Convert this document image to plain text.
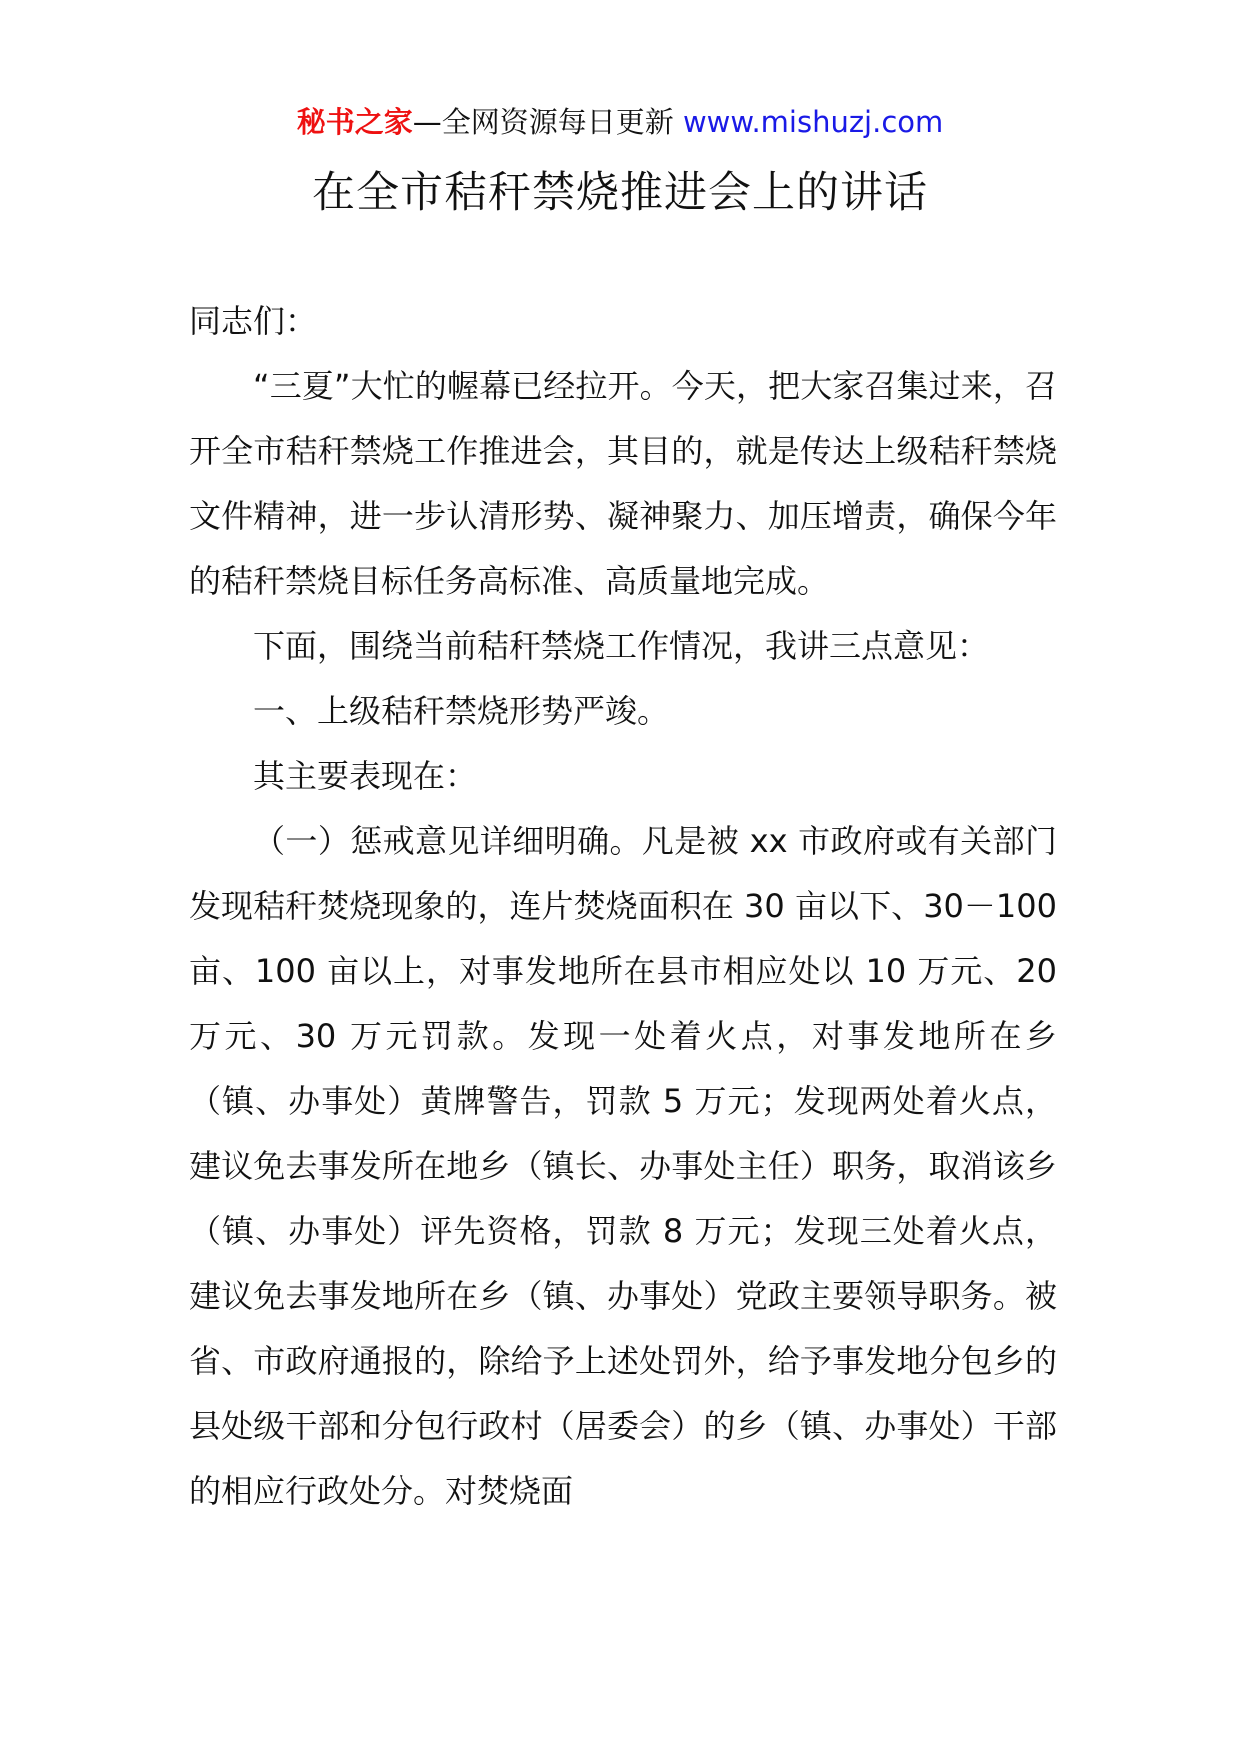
秘书之家—全网资源每日更新 www.mishuzj.com
在全市秸秆禁烧推进会上的讲话

同志们：

“三夏”大忙的幄幕已经拉开。今天，把大家召集过来，召开全市秸秆禁烧工作推进会，其目的，就是传达上级秸秆禁烧文件精神，进一步认清形势、凝神聚力、加压增责，确保今年的秸秆禁烧目标任务高标准、高质量地完成。

下面，围绕当前秸秆禁烧工作情况，我讲三点意见：

一、上级秸秆禁烧形势严竣。

其主要表现在：

（一）惩戒意见详细明确。凡是被 xx 市政府或有关部门发现秸秆焚烧现象的，连片焚烧面积在 30 亩以下、30－100 亩、100 亩以上，对事发地所在县市相应处以 10 万元、20 万元、30 万元罚款。发现一处着火点，对事发地所在乡（镇、办事处）黄牌警告，罚款 5 万元；发现两处着火点，建议免去事发所在地乡（镇长、办事处主任）职务，取消该乡（镇、办事处）评先资格，罚款 8 万元；发现三处着火点，建议免去事发地所在乡（镇、办事处）党政主要领导职务。被省、市政府通报的，除给予上述处罚外，给予事发地分包乡的县处级干部和分包行政村（居委会）的乡（镇、办事处）干部的相应行政处分。对焚烧面
